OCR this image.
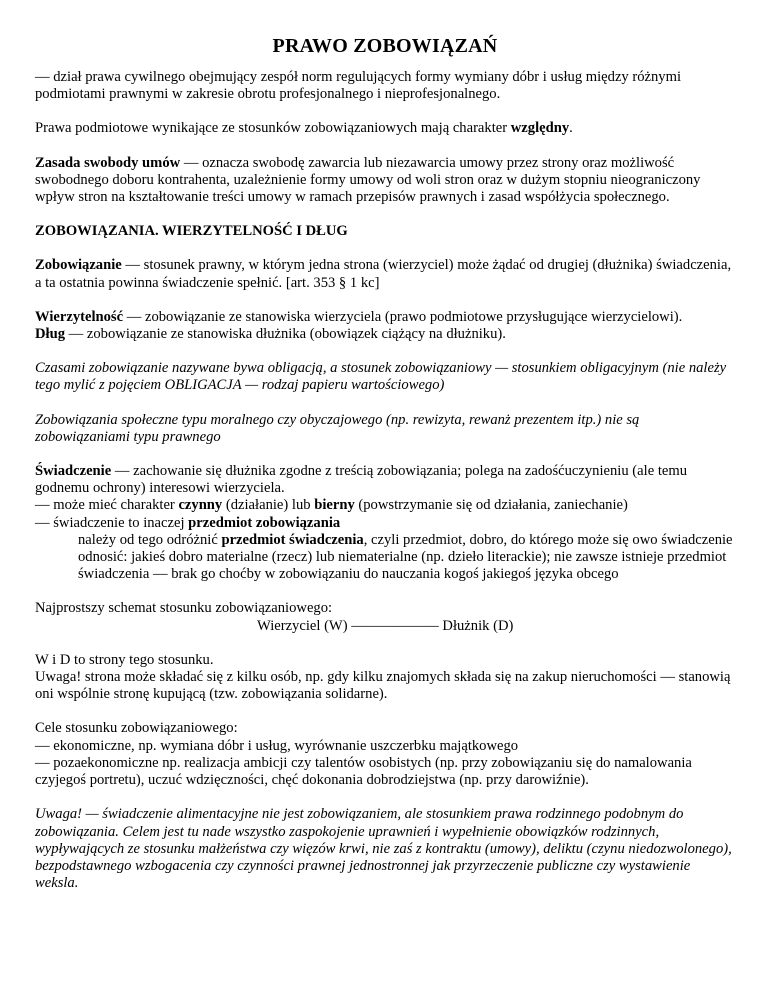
PRAWO ZOBOWIĄZAŃ

— dział prawa cywilnego obejmujący zespół norm regulujących formy wymiany dóbr i usług między różnymi podmiotami prawnymi w zakresie obrotu profesjonalnego i nieprofesjonalnego.

Prawa podmiotowe wynikające ze stosunków zobowiązaniowych mają charakter względny.

Zasada swobody umów — oznacza swobodę zawarcia lub niezawarcia umowy przez strony oraz możliwość swobodnego doboru kontrahenta, uzależnienie formy umowy od woli stron oraz w dużym stopniu nieograniczony wpływ stron na kształtowanie treści umowy w ramach przepisów prawnych i zasad współżycia społecznego.

ZOBOWIĄZANIA. WIERZYTELNOŚĆ I DŁUG

Zobowiązanie — stosunek prawny, w którym jedna strona (wierzyciel) może żądać od drugiej (dłużnika) świadczenia, a ta ostatnia powinna świadczenie spełnić. [art. 353 § 1 kc]

Wierzytelność — zobowiązanie ze stanowiska wierzyciela (prawo podmiotowe przysługujące wierzycielowi).
Dług — zobowiązanie ze stanowiska dłużnika (obowiązek ciążący na dłużniku).

Czasami zobowiązanie nazywane bywa obligacją, a stosunek zobowiązaniowy — stosunkiem obligacyjnym (nie należy tego mylić z pojęciem OBLIGACJA — rodzaj papieru wartościowego)

Zobowiązania społeczne typu moralnego czy obyczajowego (np. rewizyta, rewanż prezentem itp.) nie są zobowiązaniami typu prawnego

Świadczenie — zachowanie się dłużnika zgodne z treścią zobowiązania; polega na zadośćuczynieniu (ale temu godnemu ochrony) interesowi wierzyciela.
— może mieć charakter czynny (działanie) lub bierny (powstrzymanie się od działania, zaniechanie)
— świadczenie to inaczej przedmiot zobowiązania

należy od tego odróżnić przedmiot świadczenia, czyli przedmiot, dobro, do którego może się owo świadczenie odnosić: jakieś dobro materialne (rzecz) lub niematerialne (np. dzieło literackie); nie zawsze istnieje przedmiot świadczenia — brak go choćby w zobowiązaniu do nauczania kogoś jakiegoś języka obcego

Najprostszy schemat stosunku zobowiązaniowego:
Wierzyciel (W) —————— Dłużnik (D)

W i D to strony tego stosunku.
Uwaga! strona może składać się z kilku osób, np. gdy kilku znajomych składa się na zakup nieruchomości — stanowią oni wspólnie stronę kupującą (tzw. zobowiązania solidarne).

Cele stosunku zobowiązaniowego:
— ekonomiczne, np. wymiana dóbr i usług, wyrównanie uszczerbku majątkowego
— pozaekonomiczne np. realizacja ambicji czy talentów osobistych (np. przy zobowiązaniu się do namalowania czyjegoś portretu), uczuć wdzięczności, chęć dokonania dobrodziejstwa (np. przy darowiźnie).

Uwaga! — świadczenie alimentacyjne nie jest zobowiązaniem, ale stosunkiem prawa rodzinnego podobnym do zobowiązania. Celem jest tu nade wszystko zaspokojenie uprawnień i wypełnienie obowiązków rodzinnych, wypływających ze stosunku małżeństwa czy więzów krwi, nie zaś z kontraktu (umowy), deliktu (czynu niedozwolonego), bezpodstawnego wzbogacenia czy czynności prawnej jednostronnej jak przyrzeczenie publiczne czy wystawienie weksla.
